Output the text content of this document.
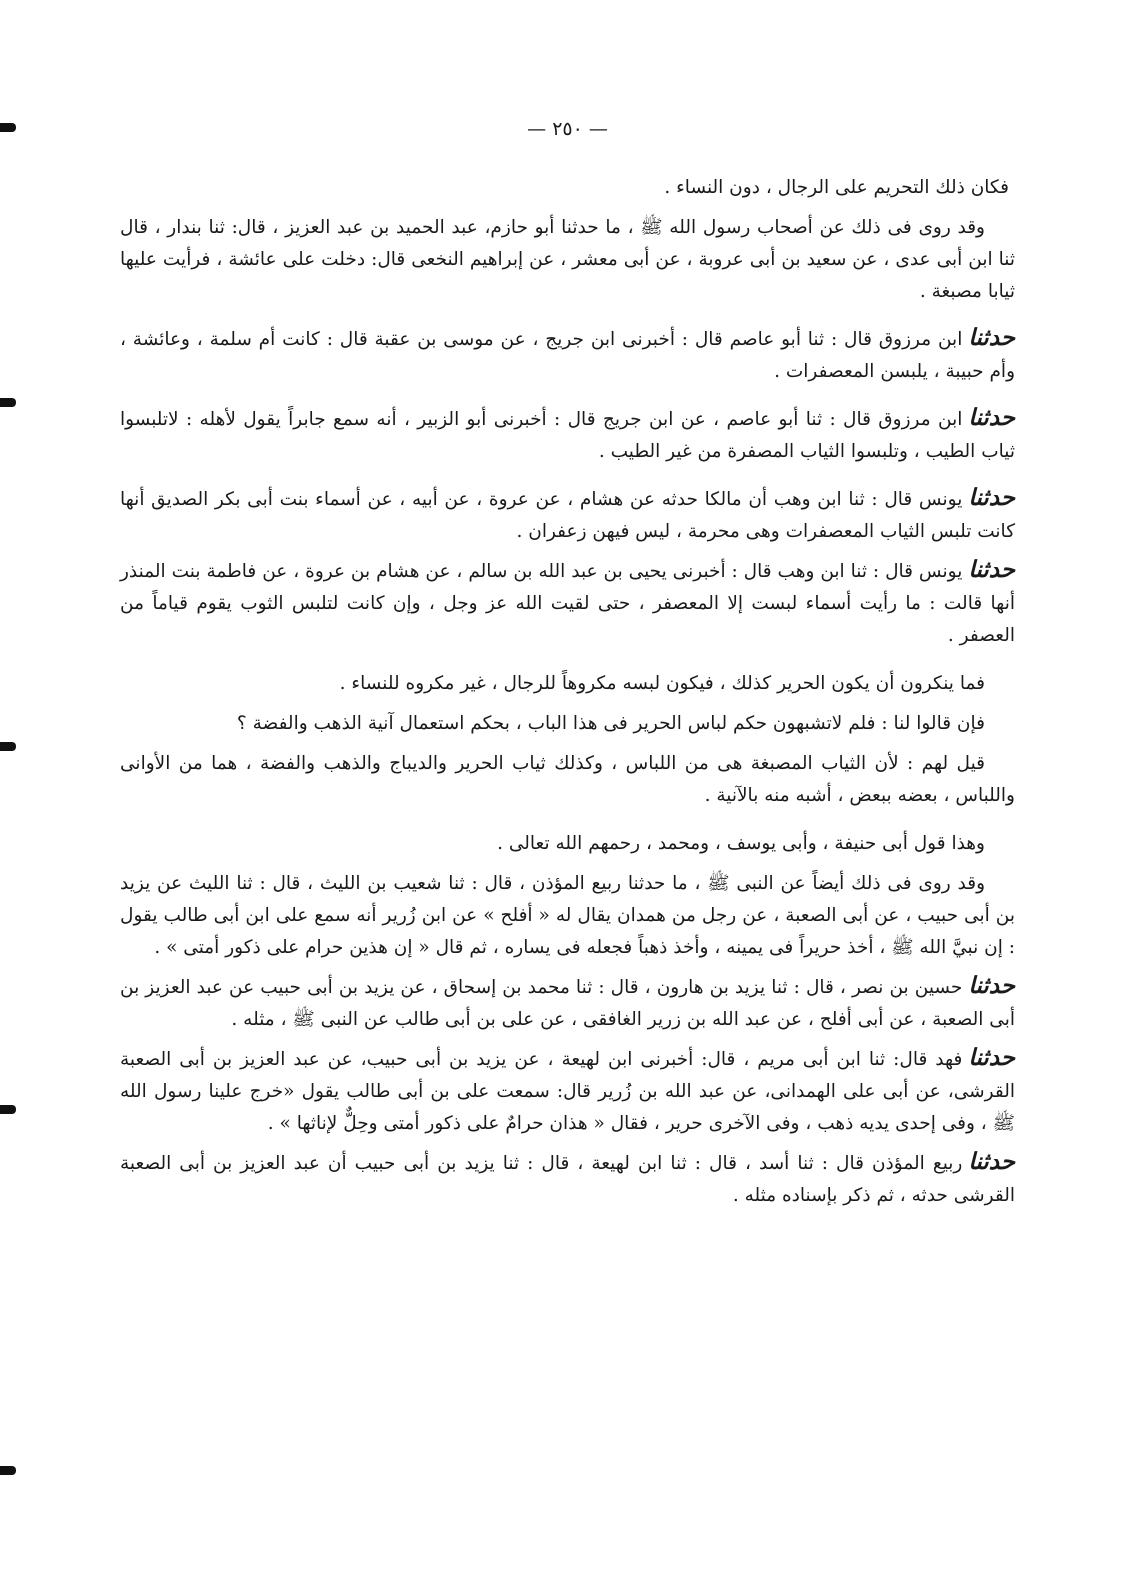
— ٢٥٠ —

فكان ذلك التحريم على الرجال ، دون النساء .

وقد روى فى ذلك عن أصحاب رسول الله ﷺ ، ما حدثنا أبو حازم، عبد الحميد بن عبد العزيز ، قال: ثنا بندار ، قال ثنا ابن أبى عدى ، عن سعيد بن أبى عروبة ، عن أبى معشر ، عن إبراهيم النخعى قال: دخلت على عائشة ، فرأيت عليها ثيابا مصبغة .

حدثناابن مرزوق قال : ثنا أبو عاصم قال : أخبرنى ابن جريج ، عن موسى بن عقبة قال : كانت أم سلمة ، وعائشة ، وأم حبيبة ، يلبسن المعصفرات .

حدثناابن مرزوق قال : ثنا أبو عاصم ، عن ابن جريج قال : أخبرنى أبو الزبير ، أنه سمع جابراً يقول لأهله : لاتلبسوا ثياب الطيب ، وتلبسوا الثياب المصفرة من غير الطيب .

حدثنايونس قال : ثنا ابن وهب أن مالكا حدثه عن هشام ، عن عروة ، عن أبيه ، عن أسماء بنت أبى بكر الصديق أنها كانت تلبس الثياب المعصفرات وهى محرمة ، ليس فيهن زعفران .

حدثنايونس قال : ثنا ابن وهب قال : أخبرنى يحيى بن عبد الله بن سالم ، عن هشام بن عروة ، عن فاطمة بنت المنذر أنها قالت : ما رأيت أسماء لبست إلا المعصفر ، حتى لقيت الله عز وجل ، وإن كانت لتلبس الثوب يقوم قياماً من العصفر .

فما ينكرون أن يكون الحرير كذلك ، فيكون لبسه مكروهاً للرجال ، غير مكروه للنساء .

فإن قالوا لنا : فلم لاتشبهون حكم لباس الحرير فى هذا الباب ، بحكم استعمال آنية الذهب والفضة ؟

قيل لهم : لأن الثياب المصبغة هى من اللباس ، وكذلك ثياب الحرير والديباج والذهب والفضة ، هما من الأوانى واللباس ، بعضه ببعض ، أشبه منه بالآنية .

وهذا قول أبى حنيفة ، وأبى يوسف ، ومحمد ، رحمهم الله تعالى .

وقد روى فى ذلك أيضاً عن النبى ﷺ ، ما حدثنا ربيع المؤذن ، قال : ثنا شعيب بن الليث ، قال : ثنا الليث عن يزيد بن أبى حبيب ، عن أبى الصعبة ، عن رجل من همدان يقال له « أفلح » عن ابن زُرير أنه سمع على ابن أبى طالب يقول : إن نبيَّ الله ﷺ ، أخذ حريراً فى يمينه ، وأخذ ذهباً فجعله فى يساره ، ثم قال « إن هذين حرام على ذكور أمتى » .

حدثناحسين بن نصر ، قال : ثنا يزيد بن هارون ، قال : ثنا محمد بن إسحاق ، عن يزيد بن أبى حبيب عن عبد العزيز بن أبى الصعبة ، عن أبى أفلح ، عن عبد الله بن زرير الغافقى ، عن على بن أبى طالب عن النبى ﷺ ، مثله .

حدثنافهد قال: ثنا ابن أبى مريم ، قال: أخبرنى ابن لهيعة ، عن يزيد بن أبى حبيب، عن عبد العزيز بن أبى الصعبة القرشى، عن أبى على الهمدانى، عن عبد الله بن زُرير قال: سمعت على بن أبى طالب يقول «خرج علينا رسول الله ﷺ ، وفى إحدى يديه ذهب ، وفى الآخرى حرير ، فقال « هذان حرامٌ على ذكور أمتى وحِلٌّ لإناثها » .

حدثناربيع المؤذن قال : ثنا أسد ، قال : ثنا ابن لهيعة ، قال : ثنا يزيد بن أبى حبيب أن عبد العزيز بن أبى الصعبة القرشى حدثه ، ثم ذكر بإسناده مثله .
